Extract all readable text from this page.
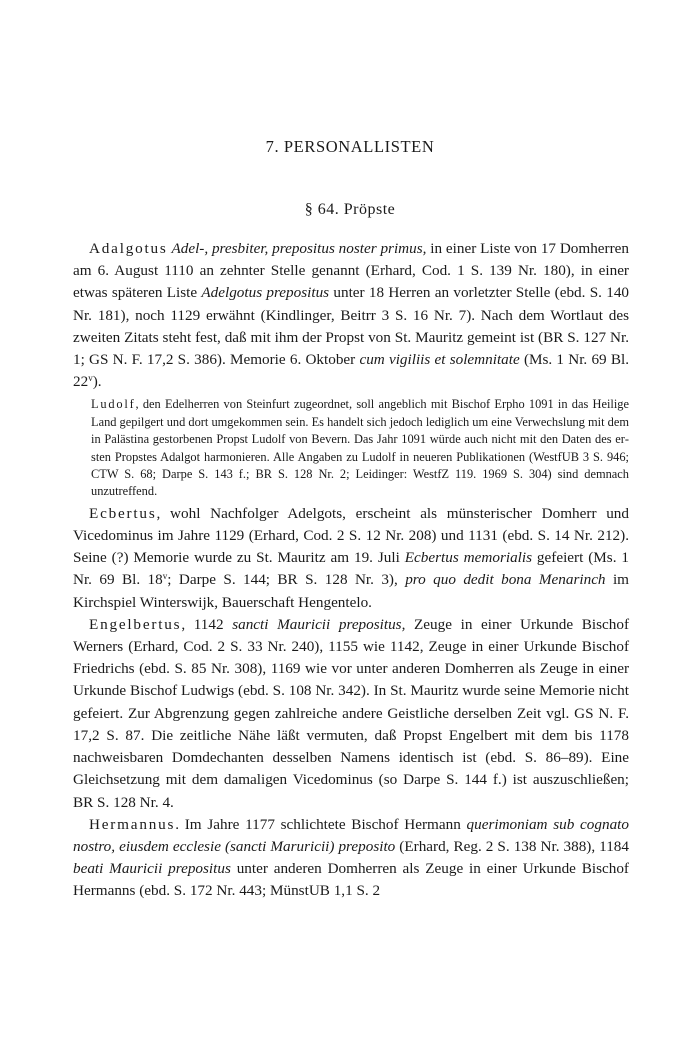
7. PERSONALLISTEN
§ 64. Pröpste

Adalgotus Adel-, presbiter, prepositus noster primus, in einer Liste von 17 Domherren am 6. August 1110 an zehnter Stelle genannt (Erhard, Cod. 1 S. 139 Nr. 180), in einer etwas späteren Liste Adelgotus prepositus unter 18 Herren an vorletzter Stelle (ebd. S. 140 Nr. 181), noch 1129 erwähnt (Kindlinger, Beitrr 3 S. 16 Nr. 7). Nach dem Wortlaut des zweiten Zitats steht fest, daß mit ihm der Propst von St. Mauritz gemeint ist (BR S. 127 Nr. 1; GS N. F. 17,2 S. 386). Memorie 6. Oktober cum vigiliis et solemnitate (Ms. 1 Nr. 69 Bl. 22$^v$).

Ludolf, den Edelherren von Steinfurt zugeordnet, soll angeblich mit Bischof Erpho 1091 in das Heilige Land gepilgert und dort umgekommen sein. Es handelt sich jedoch lediglich um eine Verwechslung mit dem in Palästina gestorbenen Propst Ludolf von Bevern. Das Jahr 1091 würde auch nicht mit den Daten des ersten Propstes Adalgot harmonieren. Alle Angaben zu Ludolf in neueren Publikationen (WestfUB 3 S. 946; CTW S. 68; Darpe S. 143 f.; BR S. 128 Nr. 2; Leidinger: WestfZ 119. 1969 S. 304) sind demnach unzutreffend.

Ecbertus, wohl Nachfolger Adelgots, erscheint als münsterischer Domherr und Vicedominus im Jahre 1129 (Erhard, Cod. 2 S. 12 Nr. 208) und 1131 (ebd. S. 14 Nr. 212). Seine (?) Memorie wurde zu St. Mauritz am 19. Juli Ecbertus memorialis gefeiert (Ms. 1 Nr. 69 Bl. 18$^v$; Darpe S. 144; BR S. 128 Nr. 3), pro quo dedit bona Menarinch im Kirchspiel Winterswijk, Bauerschaft Hengentelo.

Engelbertus, 1142 sancti Mauricii prepositus, Zeuge in einer Urkunde Bischof Werners (Erhard, Cod. 2 S. 33 Nr. 240), 1155 wie 1142, Zeuge in einer Urkunde Bischof Friedrichs (ebd. S. 85 Nr. 308), 1169 wie vor unter anderen Domherren als Zeuge in einer Urkunde Bischof Ludwigs (ebd. S. 108 Nr. 342). In St. Mauritz wurde seine Memorie nicht gefeiert. Zur Abgrenzung gegen zahlreiche andere Geistliche derselben Zeit vgl. GS N. F. 17,2 S. 87. Die zeitliche Nähe läßt vermuten, daß Propst Engelbert mit dem bis 1178 nachweisbaren Domdechanten desselben Namens identisch ist (ebd. S. 86–89). Eine Gleichsetzung mit dem damaligen Vicedominus (so Darpe S. 144 f.) ist auszuschließen; BR S. 128 Nr. 4.

Hermannus. Im Jahre 1177 schlichtete Bischof Hermann querimoniam sub cognato nostro, eiusdem ecclesie (sancti Maruricii) preposito (Erhard, Reg. 2 S. 138 Nr. 388), 1184 beati Mauricii prepositus unter anderen Domherren als Zeuge in einer Urkunde Bischof Hermanns (ebd. S. 172 Nr. 443; MünstUB 1,1 S. 2
